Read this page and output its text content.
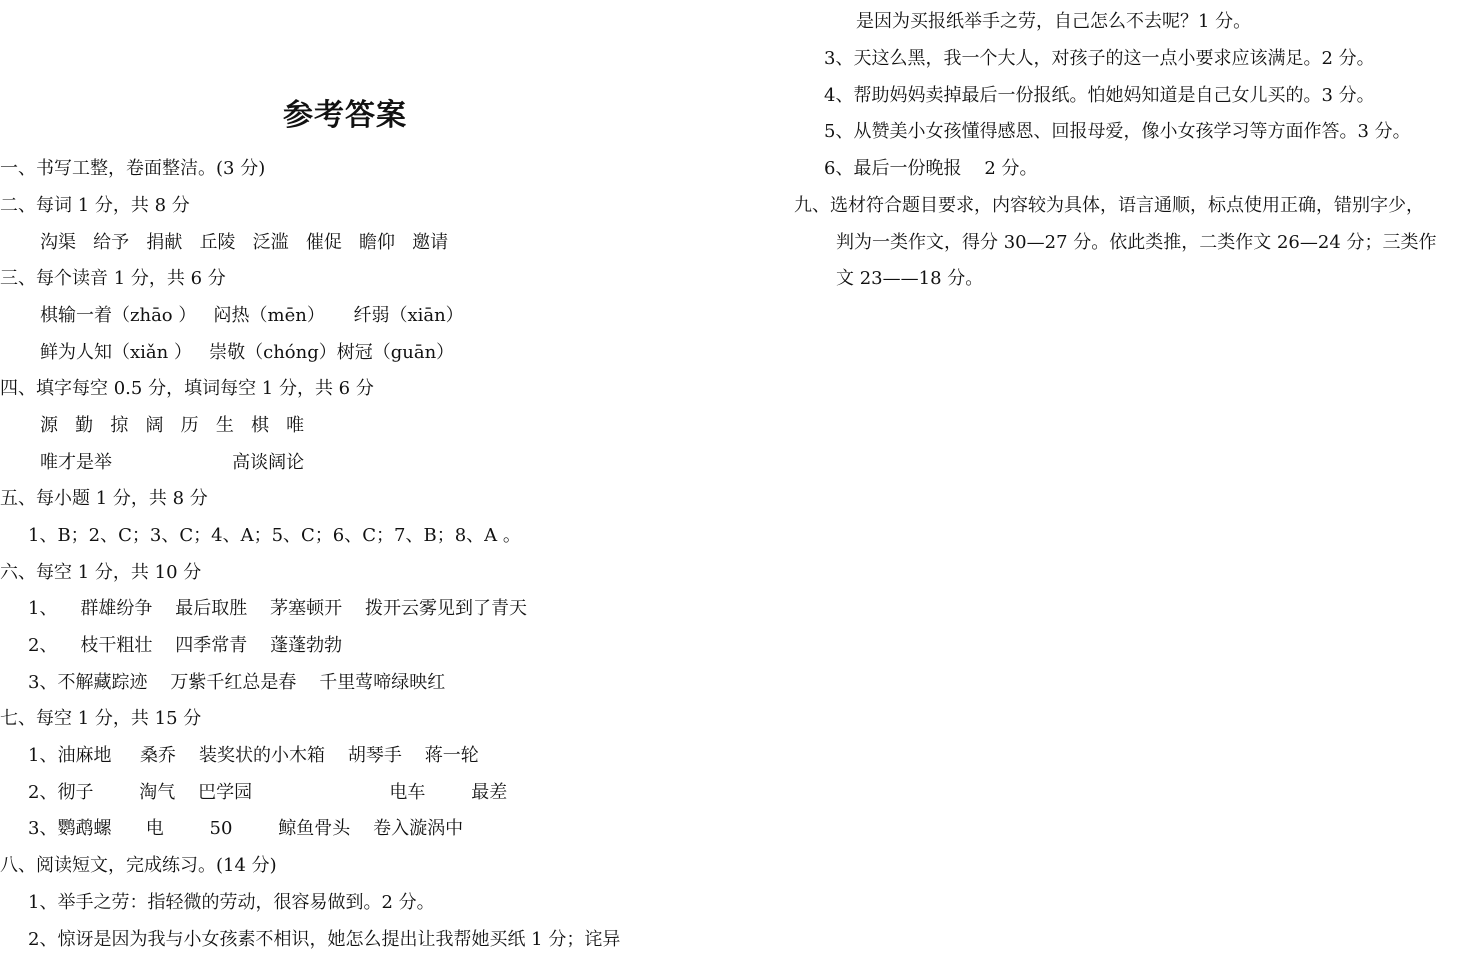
参考答案
一、书写工整，卷面整洁。(3 分)
二、每词 1 分，共 8 分
沟渠   给予   捐献   丘陵   泛滥   催促   瞻仰   邀请
三、每个读音 1 分，共 6 分
棋输一着（zhāo ）   闷热（mēn）     纤弱（xiān）
鲜为人知（xiǎn ）   崇敬（chóng）树冠（guān）
四、填字每空 0.5 分，填词每空 1 分，共 6 分
源   勤   掠   阔   历   生   棋   唯
唯才是举                     高谈阔论
五、每小题 1 分，共 8 分
1、B；2、C；3、C；4、A；5、C；6、C；7、B；8、A 。
六、每空 1 分，共 10 分
1、    群雄纷争    最后取胜    茅塞顿开    拨开云雾见到了青天
2、    枝干粗壮    四季常青    蓬蓬勃勃
3、不解藏踪迹    万紫千红总是春    千里莺啼绿映红
七、每空 1 分，共 15 分
1、油麻地     桑乔    装奖状的小木箱    胡琴手    蒋一轮
2、彻子        淘气    巴学园                        电车        最差
3、鹦鹉螺      电        50        鲸鱼骨头    卷入漩涡中
八、阅读短文，完成练习。(14 分)
1、举手之劳：指轻微的劳动，很容易做到。2 分。
2、惊讶是因为我与小女孩素不相识，她怎么提出让我帮她买纸 1 分；诧异
是因为买报纸举手之劳，自己怎么不去呢？1 分。
3、天这么黑，我一个大人，对孩子的这一点小要求应该满足。2 分。
4、帮助妈妈卖掉最后一份报纸。怕她妈知道是自己女儿买的。3 分。
5、从赞美小女孩懂得感恩、回报母爱，像小女孩学习等方面作答。3 分。
6、最后一份晚报    2 分。
九、选材符合题目要求，内容较为具体，语言通顺，标点使用正确，错别字少，
判为一类作文，得分 30—27 分。依此类推，二类作文 26—24 分；三类作
文 23——18 分。
